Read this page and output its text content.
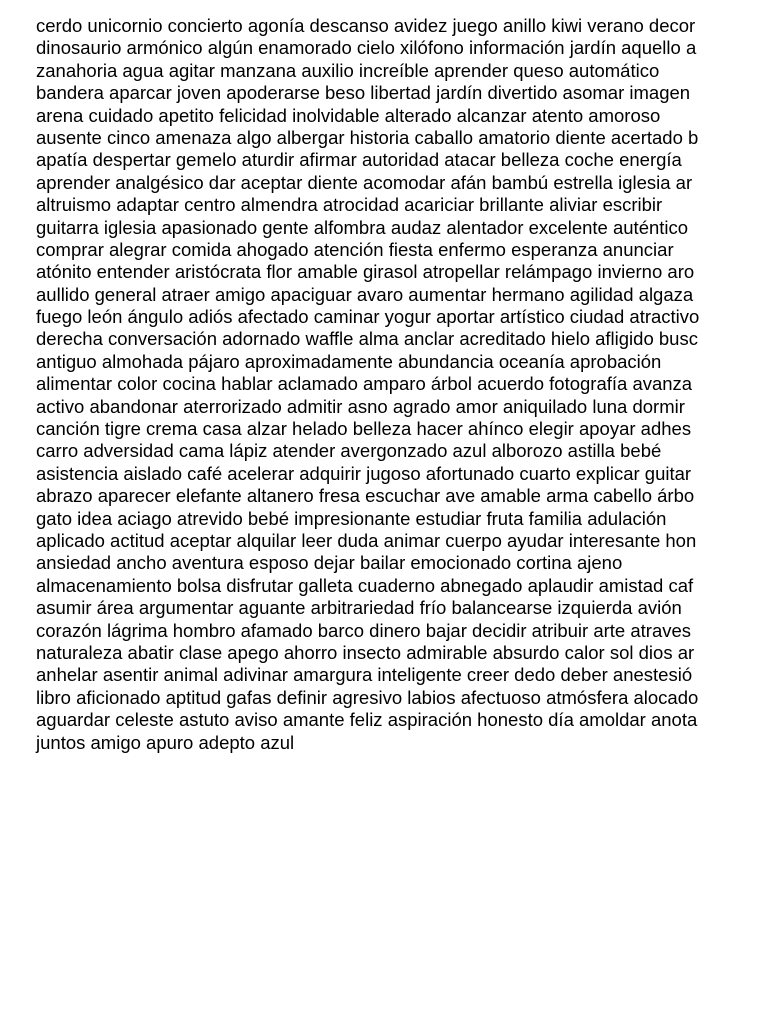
cerdo unicornio concierto agonía descanso avidez juego anillo kiwi verano decor
dinosaurio armónico algún enamorado cielo xilófono información jardín aquello a
zanahoria agua agitar manzana auxilio increíble aprender queso automático
bandera aparcar joven apoderarse beso libertad jardín divertido asomar imagen
arena cuidado apetito felicidad inolvidable alterado alcanzar atento amoroso
ausente cinco amenaza algo albergar historia caballo amatorio diente acertado b
apatía despertar gemelo aturdir afirmar autoridad atacar belleza coche energía
aprender analgésico dar aceptar diente acomodar afán bambú estrella iglesia ar
altruismo adaptar centro almendra atrocidad acariciar brillante aliviar escribir
guitarra iglesia apasionado gente alfombra audaz alentador excelente auténtico
comprar alegrar comida ahogado atención fiesta enfermo esperanza anunciar
atónito entender aristócrata flor amable girasol atropellar relámpago invierno aro
aullido general atraer amigo apaciguar avaro aumentar hermano agilidad algaza
fuego león ángulo adiós afectado caminar yogur aportar artístico ciudad atractivo
derecha conversación adornado waffle alma anclar acreditado hielo afligido busc
antiguo almohada pájaro aproximadamente abundancia oceanía aprobación
alimentar color cocina hablar aclamado amparo árbol acuerdo fotografía avanza
activo abandonar aterrorizado admitir asno agrado amor aniquilado luna dormir
canción tigre crema casa alzar helado belleza hacer ahínco elegir apoyar adhes
carro adversidad cama lápiz atender avergonzado azul alborozo astilla bebé
asistencia aislado café acelerar adquirir jugoso afortunado cuarto explicar guitar
abrazo aparecer elefante altanero fresa escuchar ave amable arma cabello árbo
gato idea aciago atrevido bebé impresionante estudiar fruta familia adulación
aplicado actitud aceptar alquilar leer duda animar cuerpo ayudar interesante hon
ansiedad ancho aventura esposo dejar bailar emocionado cortina ajeno
almacenamiento bolsa disfrutar galleta cuaderno abnegado aplaudir amistad caf
asumir área argumentar aguante arbitrariedad frío balancearse izquierda avión
corazón lágrima hombro afamado barco dinero bajar decidir atribuir arte atraves
naturaleza abatir clase apego ahorro insecto admirable absurdo calor sol dios ar
anhelar asentir animal adivinar amargura inteligente creer dedo deber anestesió
libro aficionado aptitud gafas definir agresivo labios afectuoso atmósfera alocado
aguardar celeste astuto aviso amante feliz aspiración honesto día amoldar anota
juntos amigo apuro adepto azul
